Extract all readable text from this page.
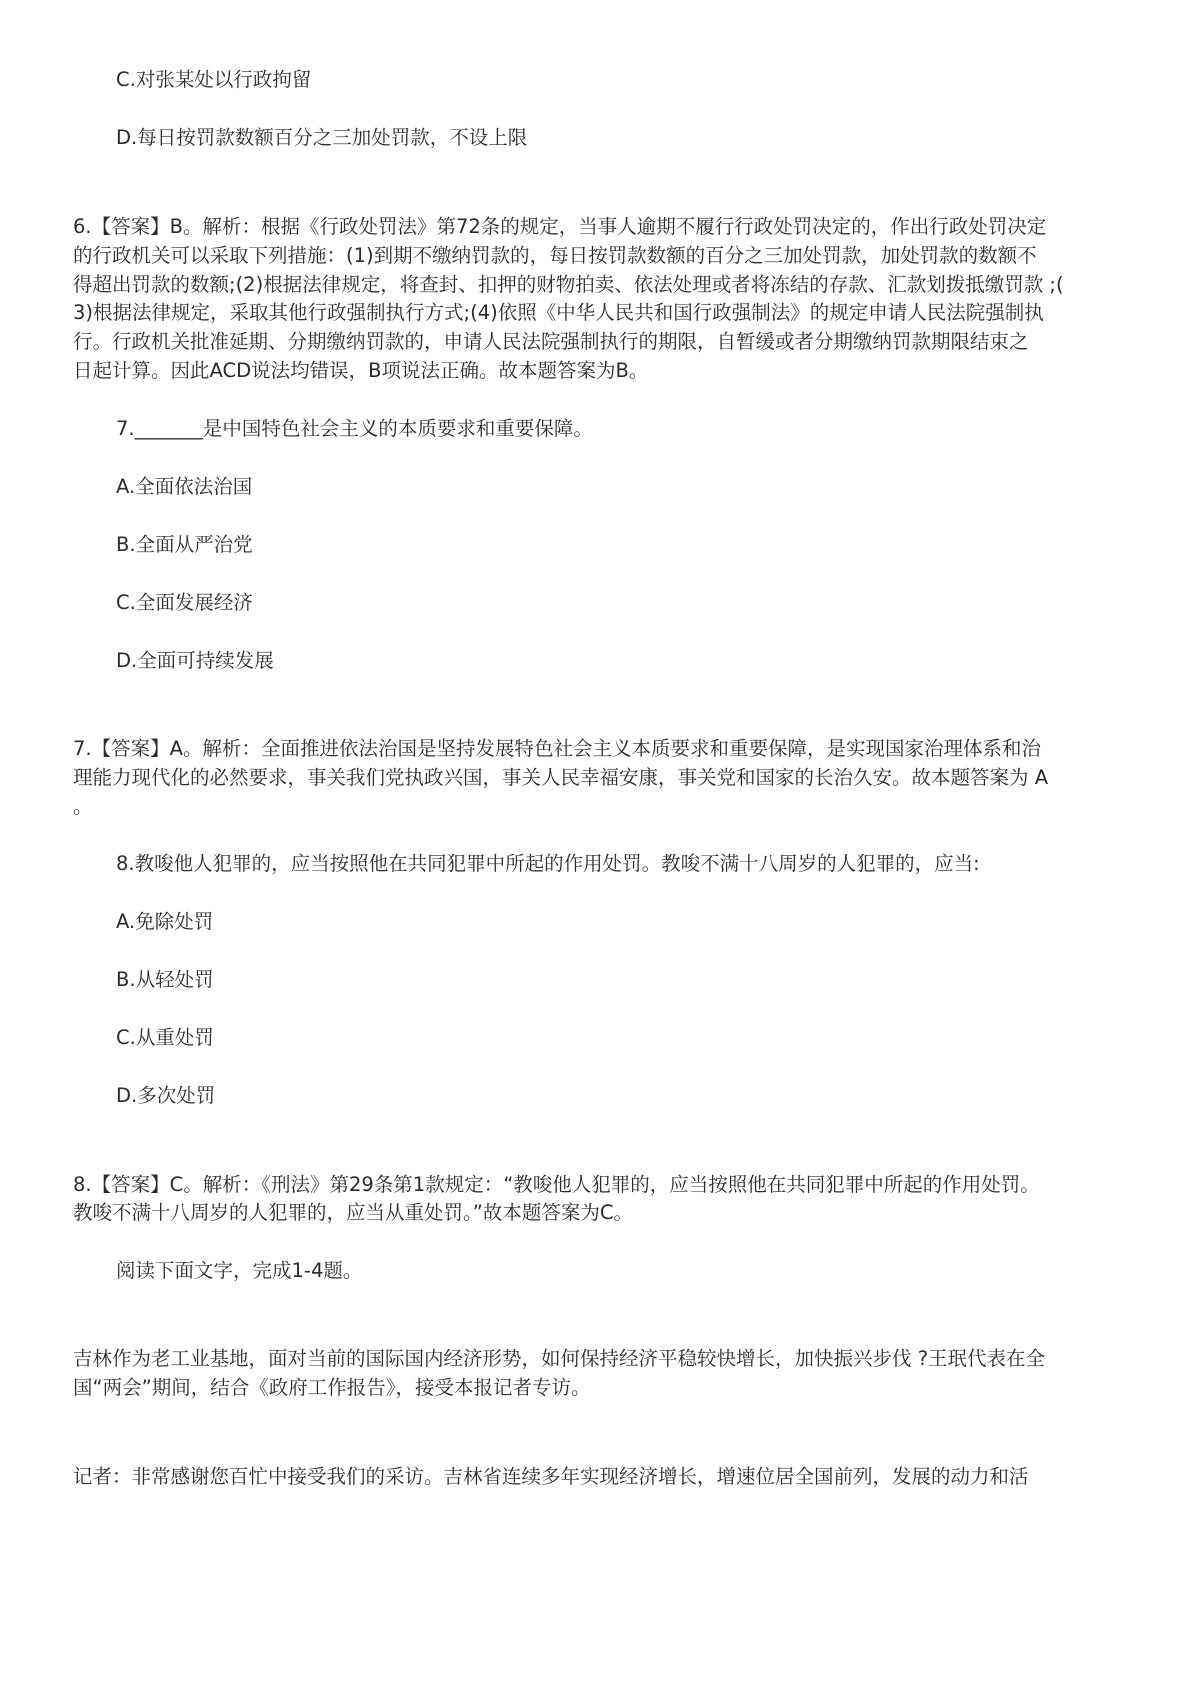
C.对张某处以行政拘留

D.每日按罚款数额百分之三加处罚款，不设上限

6.【答案】B。解析：根据《行政处罚法》第72条的规定，当事人逾期不履行行政处罚决定的，作出行政处罚决定

的行政机关可以采取下列措施：(1)到期不缴纳罚款的，每日按罚款数额的百分之三加处罚款，加处罚款的数额不

得超出罚款的数额;(2)根据法律规定，将查封、扣押的财物拍卖、依法处理或者将冻结的存款、汇款划拨抵缴罚款 ;(

3)根据法律规定，采取其他行政强制执行方式;(4)依照《中华人民共和国行政强制法》的规定申请人民法院强制执

行。行政机关批准延期、分期缴纳罚款的，申请人民法院强制执行的期限，自暂缓或者分期缴纳罚款期限结束之

日起计算。因此ACD说法均错误，B项说法正确。故本题答案为B。

7._______是中国特色社会主义的本质要求和重要保障。

A.全面依法治国

B.全面从严治党

C.全面发展经济

D.全面可持续发展

7.【答案】A。解析：全面推进依法治国是坚持发展特色社会主义本质要求和重要保障，是实现国家治理体系和治

理能力现代化的必然要求，事关我们党执政兴国，事关人民幸福安康，事关党和国家的长治久安。故本题答案为 A

。

8.教唆他人犯罪的，应当按照他在共同犯罪中所起的作用处罚。教唆不满十八周岁的人犯罪的，应当:

A.免除处罚

B.从轻处罚

C.从重处罚

D.多次处罚

8.【答案】C。解析：《刑法》第29条第1款规定：“教唆他人犯罪的，应当按照他在共同犯罪中所起的作用处罚。

教唆不满十八周岁的人犯罪的，应当从重处罚。”故本题答案为C。

阅读下面文字，完成1-4题。

吉林作为老工业基地，面对当前的国际国内经济形势，如何保持经济平稳较快增长，加快振兴步伐 ?王珉代表在全

国“两会”期间，结合《政府工作报告》，接受本报记者专访。

记者：非常感谢您百忙中接受我们的采访。吉林省连续多年实现经济增长，增速位居全国前列，发展的动力和活
